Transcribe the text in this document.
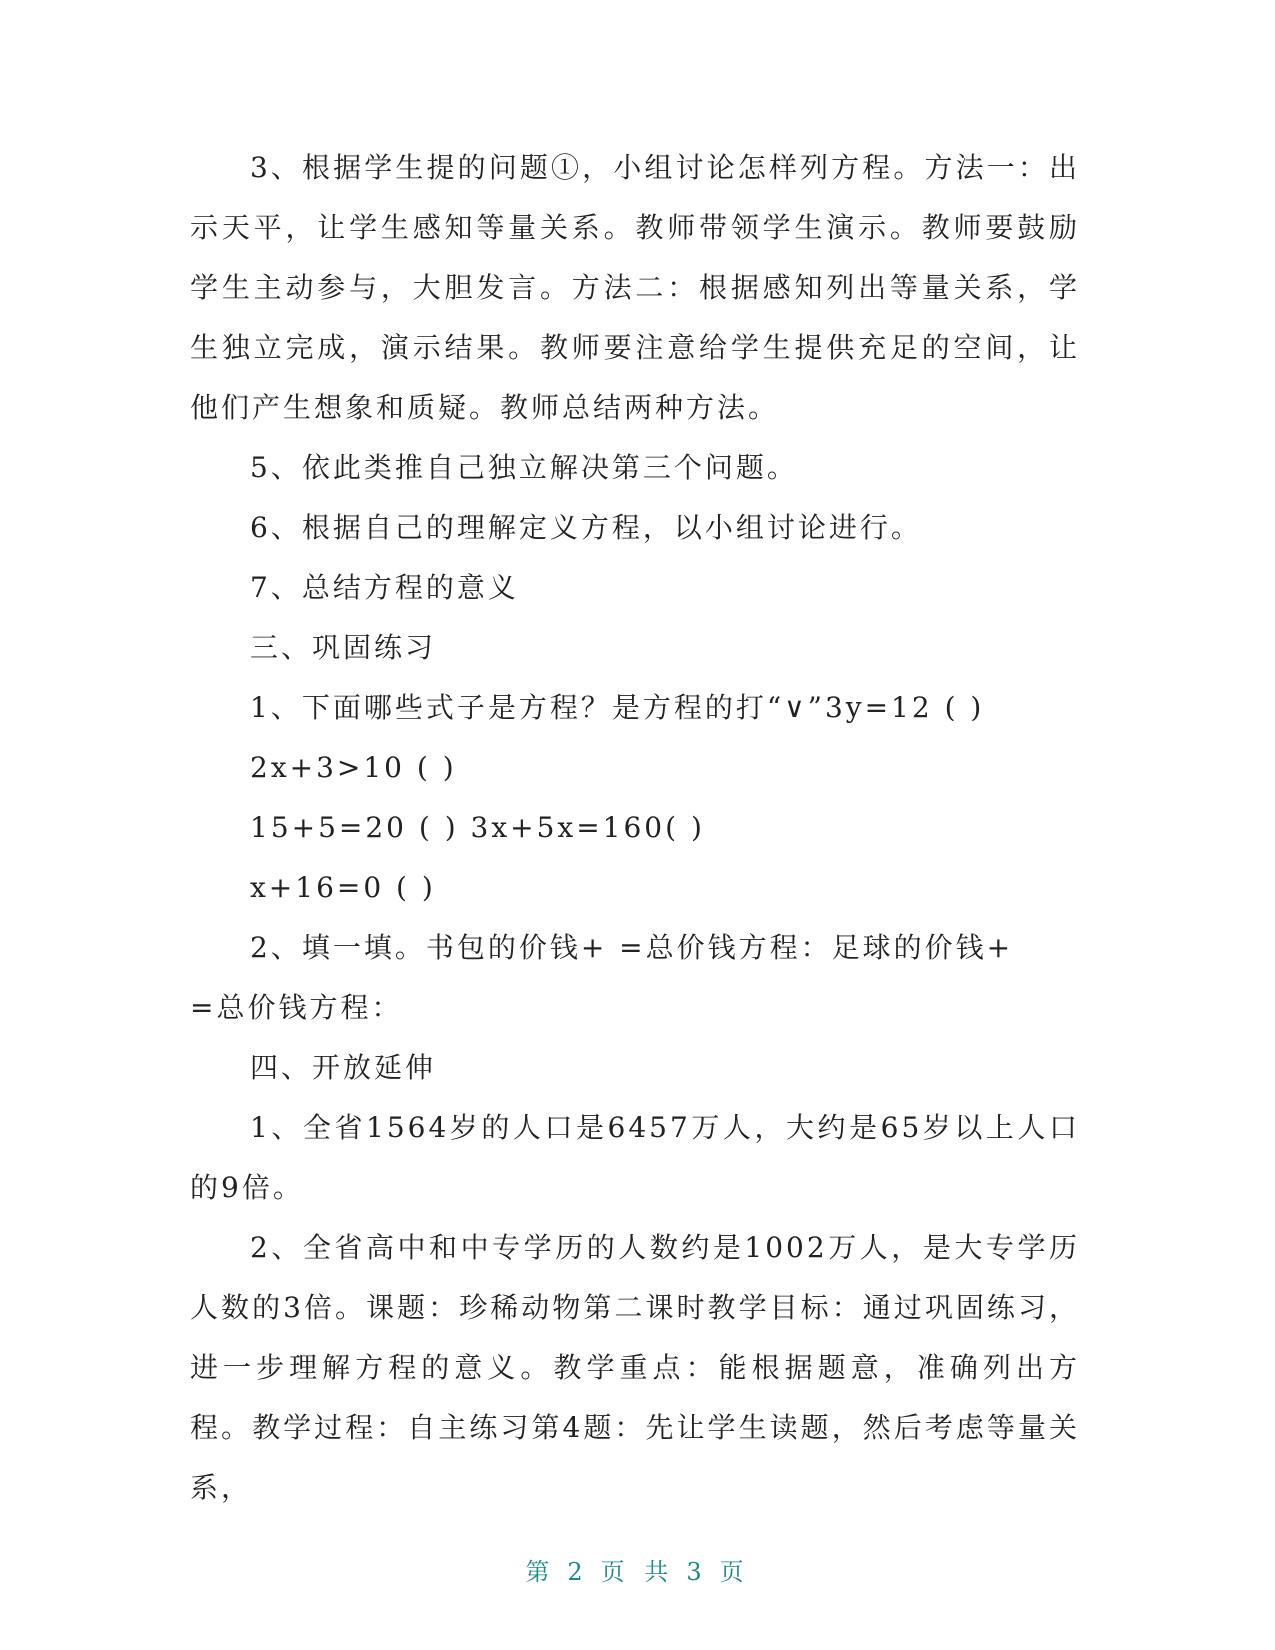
3、根据学生提的问题①，小组讨论怎样列方程。方法一：出示天平，让学生感知等量关系。教师带领学生演示。教师要鼓励学生主动参与，大胆发言。方法二：根据感知列出等量关系，学生独立完成，演示结果。教师要注意给学生提供充足的空间，让他们产生想象和质疑。教师总结两种方法。

5、依此类推自己独立解决第三个问题。

6、根据自己的理解定义方程，以小组讨论进行。

7、总结方程的意义

三、巩固练习

1、下面哪些式子是方程？是方程的打“∨”3y=12 ( )

2x+3>10 ( )

15+5=20 ( ) 3x+5x=160( )

x+16=0 ( )

2、填一填。书包的价钱+ =总价钱方程：足球的价钱+

=总价钱方程：

四、开放延伸

1、全省1564岁的人口是6457万人，大约是65岁以上人口的9倍。

2、全省高中和中专学历的人数约是1002万人，是大专学历人数的3倍。课题：珍稀动物第二课时教学目标：通过巩固练习，进一步理解方程的意义。教学重点：能根据题意，准确列出方程。教学过程：自主练习第4题：先让学生读题，然后考虑等量关系，

第 2 页 共 3 页
